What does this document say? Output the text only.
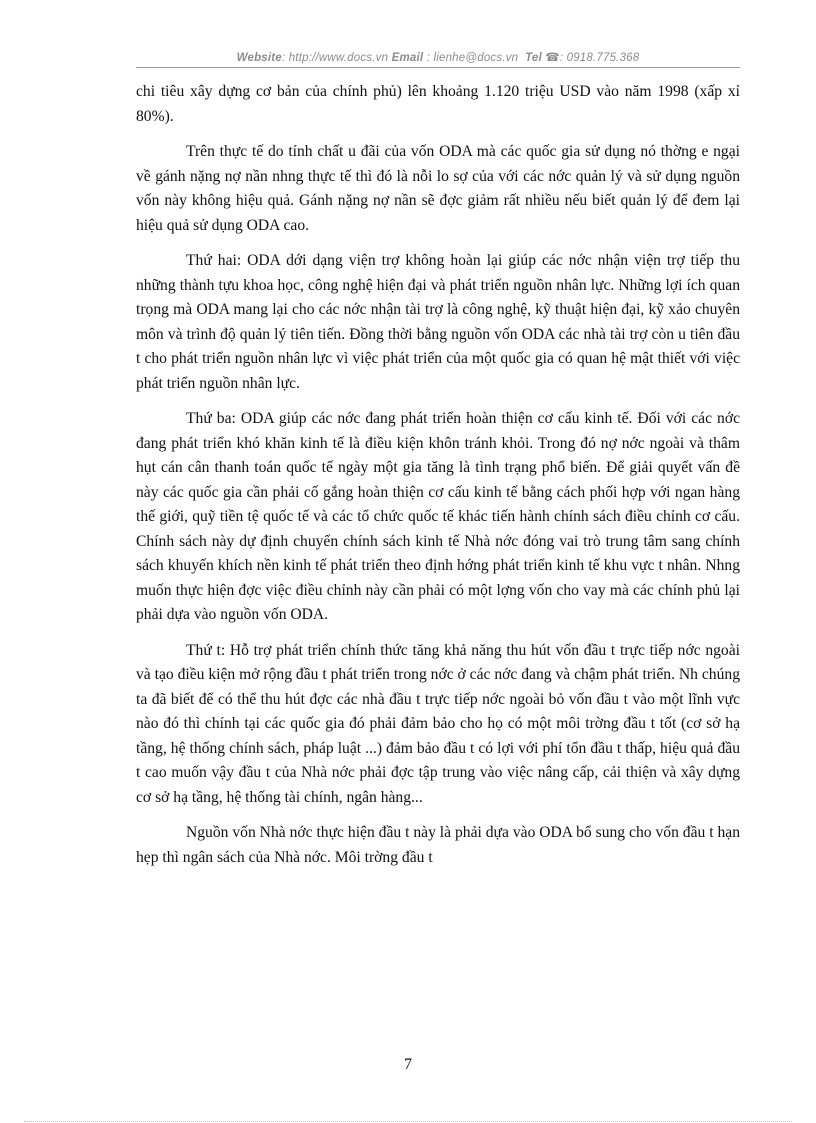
Website: http://www.docs.vn Email : lienhe@docs.vn Tel ☎: 0918.775.368

chi tiêu xây dựng cơ bản của chính phủ) lên khoảng 1.120 triệu USD vào năm 1998 (xấp xỉ 80%).

Trên thực tế do tính chất u đãi của vốn ODA mà các quốc gia sử dụng nó thờng e ngại về gánh nặng nợ nần nhng thực tế thì đó là nỗi lo sợ của với các nớc quản lý và sử dụng nguồn vốn này không hiệu quả. Gánh nặng nợ nần sẽ đợc giảm rất nhiều nếu biết quản lý để đem lại hiệu quả sử dụng ODA cao.

Thứ hai: ODA dới dạng viện trợ không hoàn lại giúp các nớc nhận viện trợ tiếp thu những thành tựu khoa học, công nghệ hiện đại và phát triển nguồn nhân lực. Những lợi ích quan trọng mà ODA mang lại cho các nớc nhận tài trợ là công nghệ, kỹ thuật hiện đại, kỹ xảo chuyên môn và trình độ quản lý tiên tiến. Đồng thời bằng nguồn vốn ODA các nhà tài trợ còn u tiên đầu t cho phát triển nguồn nhân lực vì việc phát triển của một quốc gia có quan hệ mật thiết với việc phát triển nguồn nhân lực.

Thứ ba: ODA giúp các nớc đang phát triển hoàn thiện cơ cấu kinh tế. Đối với các nớc đang phát triển khó khăn kinh tế là điều kiện khôn tránh khỏi. Trong đó nợ nớc ngoài và thâm hụt cán cân thanh toán quốc tế ngày một gia tăng là tình trạng phổ biến. Để giải quyết vấn đề này các quốc gia cần phải cố gắng hoàn thiện cơ cấu kinh tế bằng cách phối hợp với ngan hàng thế giới, quỹ tiền tệ quốc tế và các tổ chức quốc tế khác tiến hành chính sách điều chỉnh cơ cấu. Chính sách này dự định chuyển chính sách kinh tế Nhà nớc đóng vai trò trung tâm sang chính sách khuyến khích nền kinh tế phát triển theo định hớng phát triển kinh tế khu vực t nhân. Nhng muốn thực hiện đợc việc điều chỉnh này cần phải có một lợng vốn cho vay mà các chính phủ lại phải dựa vào nguồn vốn ODA.

Thứ t: Hỗ trợ phát triển chính thức tăng khả năng thu hút vốn đầu t trực tiếp nớc ngoài và tạo điều kiện mở rộng đầu t phát triển trong nớc ở các nớc đang và chậm phát triển. Nh chúng ta đã biết để có thể thu hút đợc các nhà đầu t trực tiếp nớc ngoài bỏ vốn đầu t vào một lĩnh vực nào đó thì chính tại các quốc gia đó phải đảm bảo cho họ có một môi trờng đầu t tốt (cơ sở hạ tầng, hệ thống chính sách, pháp luật ...) đảm bảo đầu t có lợi với phí tổn đầu t thấp, hiệu quả đầu t cao muốn vậy đầu t của Nhà nớc phải đợc tập trung vào việc nâng cấp, cải thiện và xây dựng cơ sở hạ tầng, hệ thống tài chính, ngân hàng...

Nguồn vốn Nhà nớc thực hiện đầu t này là phải dựa vào ODA bổ sung cho vốn đầu t hạn hẹp thì ngân sách của Nhà nớc. Môi trờng đầu t

7
